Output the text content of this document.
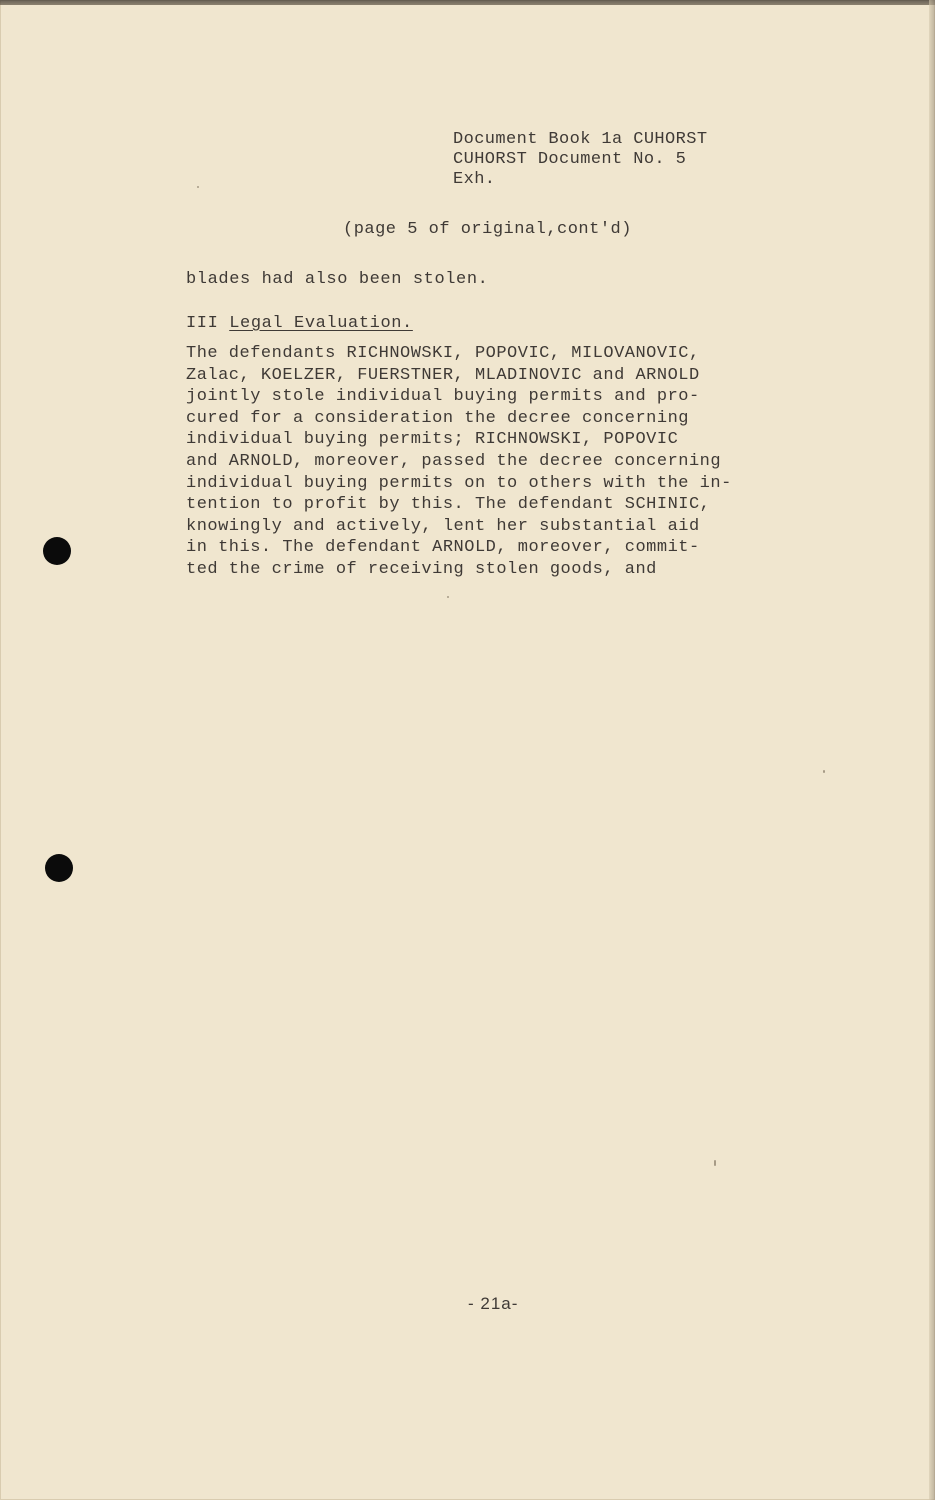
Document Book 1a CUHORST
CUHORST Document No. 5
Exh.
(page 5 of original,cont'd)
blades had also been stolen.
III Legal Evaluation.
The defendants RICHNOWSKI, POPOVIC, MILOVANOVIC,
Zalac, KOELZER, FUERSTNER, MLADINOVIC and ARNOLD
jointly stole individual buying permits and pro-
cured for a consideration the decree concerning
individual buying permits; RICHNOWSKI, POPOVIC
and ARNOLD, moreover, passed the decree concerning
individual buying permits on to others with the in-
tention to profit by this. The defendant SCHINIC,
knowingly and actively, lent her substantial aid
in this. The defendant ARNOLD, moreover, commit-
ted the crime of receiving stolen goods, and
- 21a-
